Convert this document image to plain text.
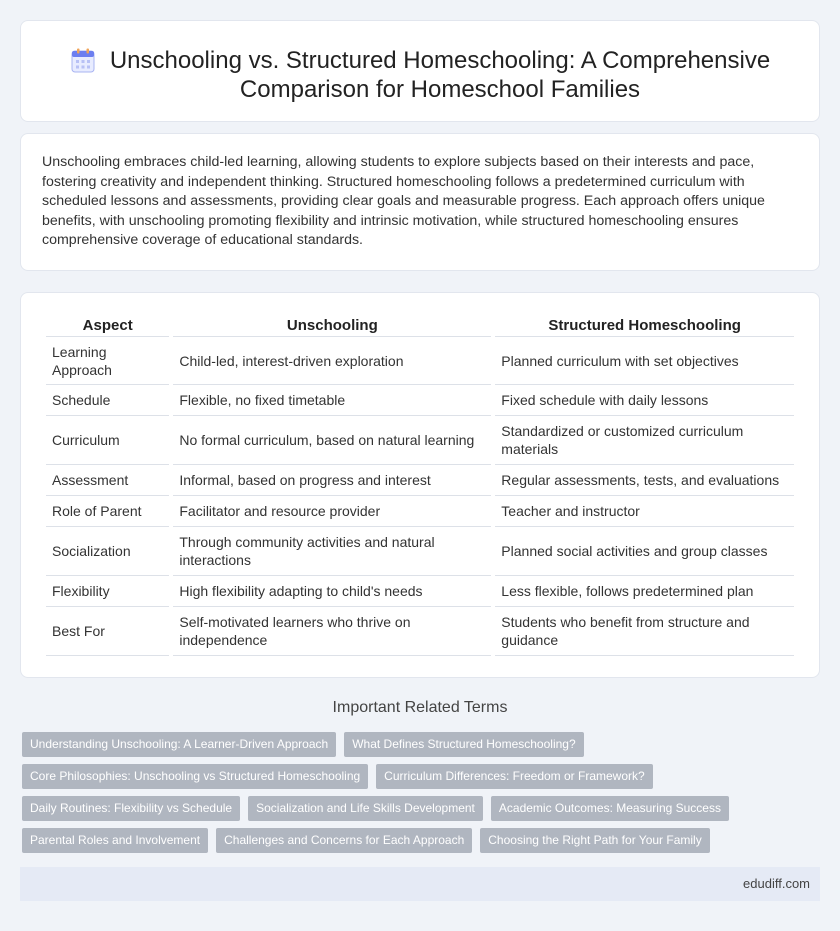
Unschooling vs. Structured Homeschooling: A Comprehensive Comparison for Homeschool Families

Unschooling embraces child-led learning, allowing students to explore subjects based on their interests and pace, fostering creativity and independent thinking. Structured homeschooling follows a predetermined curriculum with scheduled lessons and assessments, providing clear goals and measurable progress. Each approach offers unique benefits, with unschooling promoting flexibility and intrinsic motivation, while structured homeschooling ensures comprehensive coverage of educational standards.

Aspect	Unschooling	Structured Homeschooling
Learning Approach	Child-led, interest-driven exploration	Planned curriculum with set objectives
Schedule	Flexible, no fixed timetable	Fixed schedule with daily lessons
Curriculum	No formal curriculum, based on natural learning	Standardized or customized curriculum materials
Assessment	Informal, based on progress and interest	Regular assessments, tests, and evaluations
Role of Parent	Facilitator and resource provider	Teacher and instructor
Socialization	Through community activities and natural interactions	Planned social activities and group classes
Flexibility	High flexibility adapting to child's needs	Less flexible, follows predetermined plan
Best For	Self-motivated learners who thrive on independence	Students who benefit from structure and guidance
Important Related Terms
Understanding Unschooling: A Learner-Driven Approach	What Defines Structured Homeschooling?
Core Philosophies: Unschooling vs Structured Homeschooling	Curriculum Differences: Freedom or Framework?
Daily Routines: Flexibility vs Schedule	Socialization and Life Skills Development	Academic Outcomes: Measuring Success
Parental Roles and Involvement	Challenges and Concerns for Each Approach	Choosing the Right Path for Your Family
edudiff.com
